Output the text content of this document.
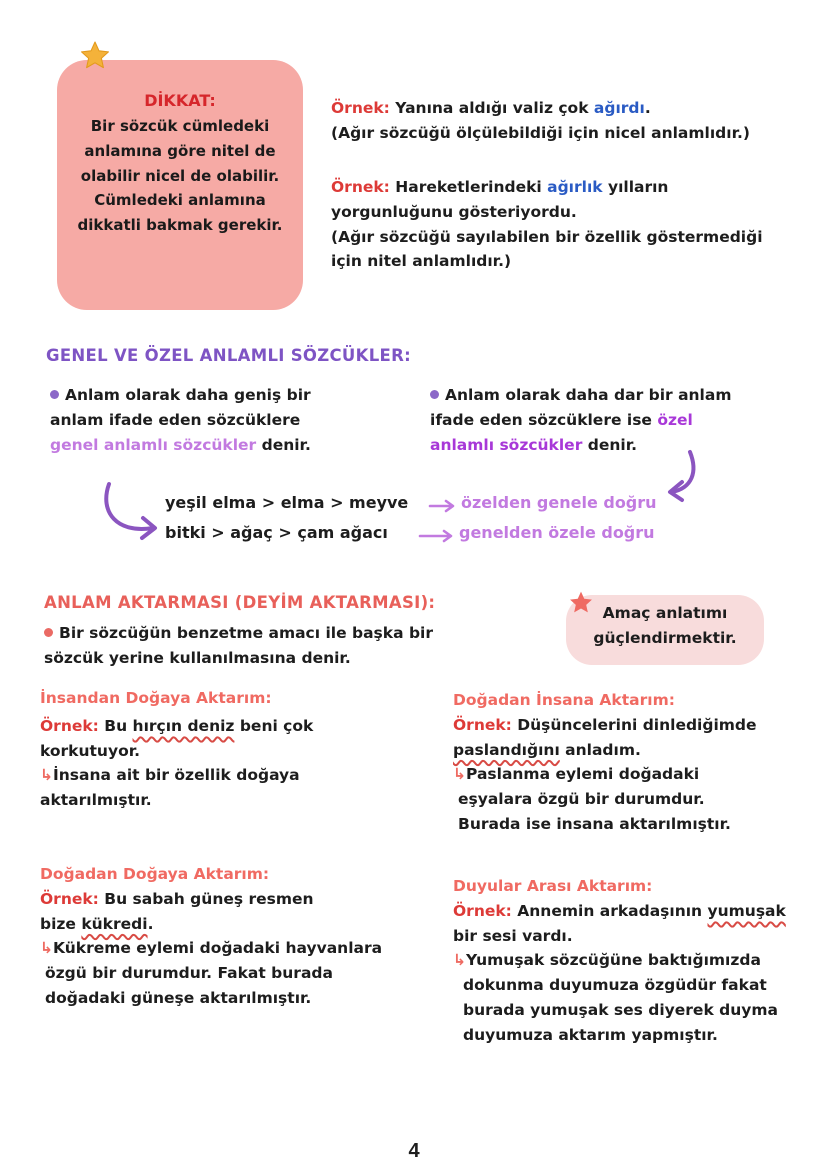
DİKKAT:
Bir sözcük cümledeki anlamına göre nitel de olabilir nicel de olabilir. Cümledeki anlamına dikkatli bakmak gerekir.
Örnek: Yanına aldığı valiz çok ağırdı.
(Ağır sözcüğü ölçülebildiği için nicel anlamlıdır.)
Örnek: Hareketlerindeki ağırlık yılların
yorgunluğunu gösteriyordu.
(Ağır sözcüğü sayılabilen bir özellik göstermediği
için nitel anlamlıdır.)
GENEL VE ÖZEL ANLAMLI SÖZCÜKLER:
Anlam olarak daha geniş bir
anlam ifade eden sözcüklere
genel anlamlı sözcükler denir.
Anlam olarak daha dar bir anlam
ifade eden sözcüklere ise özel
anlamlı sözcükler denir.
yeşil elma > elma > meyve	özelden genele doğru
bitki > ağaç > çam ağacı	genelden özele doğru
ANLAM AKTARMASI (DEYİM AKTARMASI):
Bir sözcüğün benzetme amacı ile başka bir
sözcük yerine kullanılmasına denir.
Amaç anlatımı
güçlendirmektir.
İnsandan Doğaya Aktarım:
Örnek: Bu hırçın deniz beni çok
korkutuyor.
↳İnsana ait bir özellik doğaya
aktarılmıştır.
Doğadan İnsana Aktarım:
Örnek: Düşüncelerini dinlediğimde
paslandığını anladım.
↳Paslanma eylemi doğadaki
eşyalara özgü bir durumdur.
Burada ise insana aktarılmıştır.
Doğadan Doğaya Aktarım:
Örnek: Bu sabah güneş resmen
bize kükredi.
↳Kükreme eylemi doğadaki hayvanlara
özgü bir durumdur. Fakat burada
doğadaki güneşe aktarılmıştır.
Duyular Arası Aktarım:
Örnek: Annemin arkadaşının yumuşak
bir sesi vardı.
↳Yumuşak sözcüğüne baktığımızda
dokunma duyumuza özgüdür fakat
burada yumuşak ses diyerek duyma
duyumuza aktarım yapmıştır.
4
